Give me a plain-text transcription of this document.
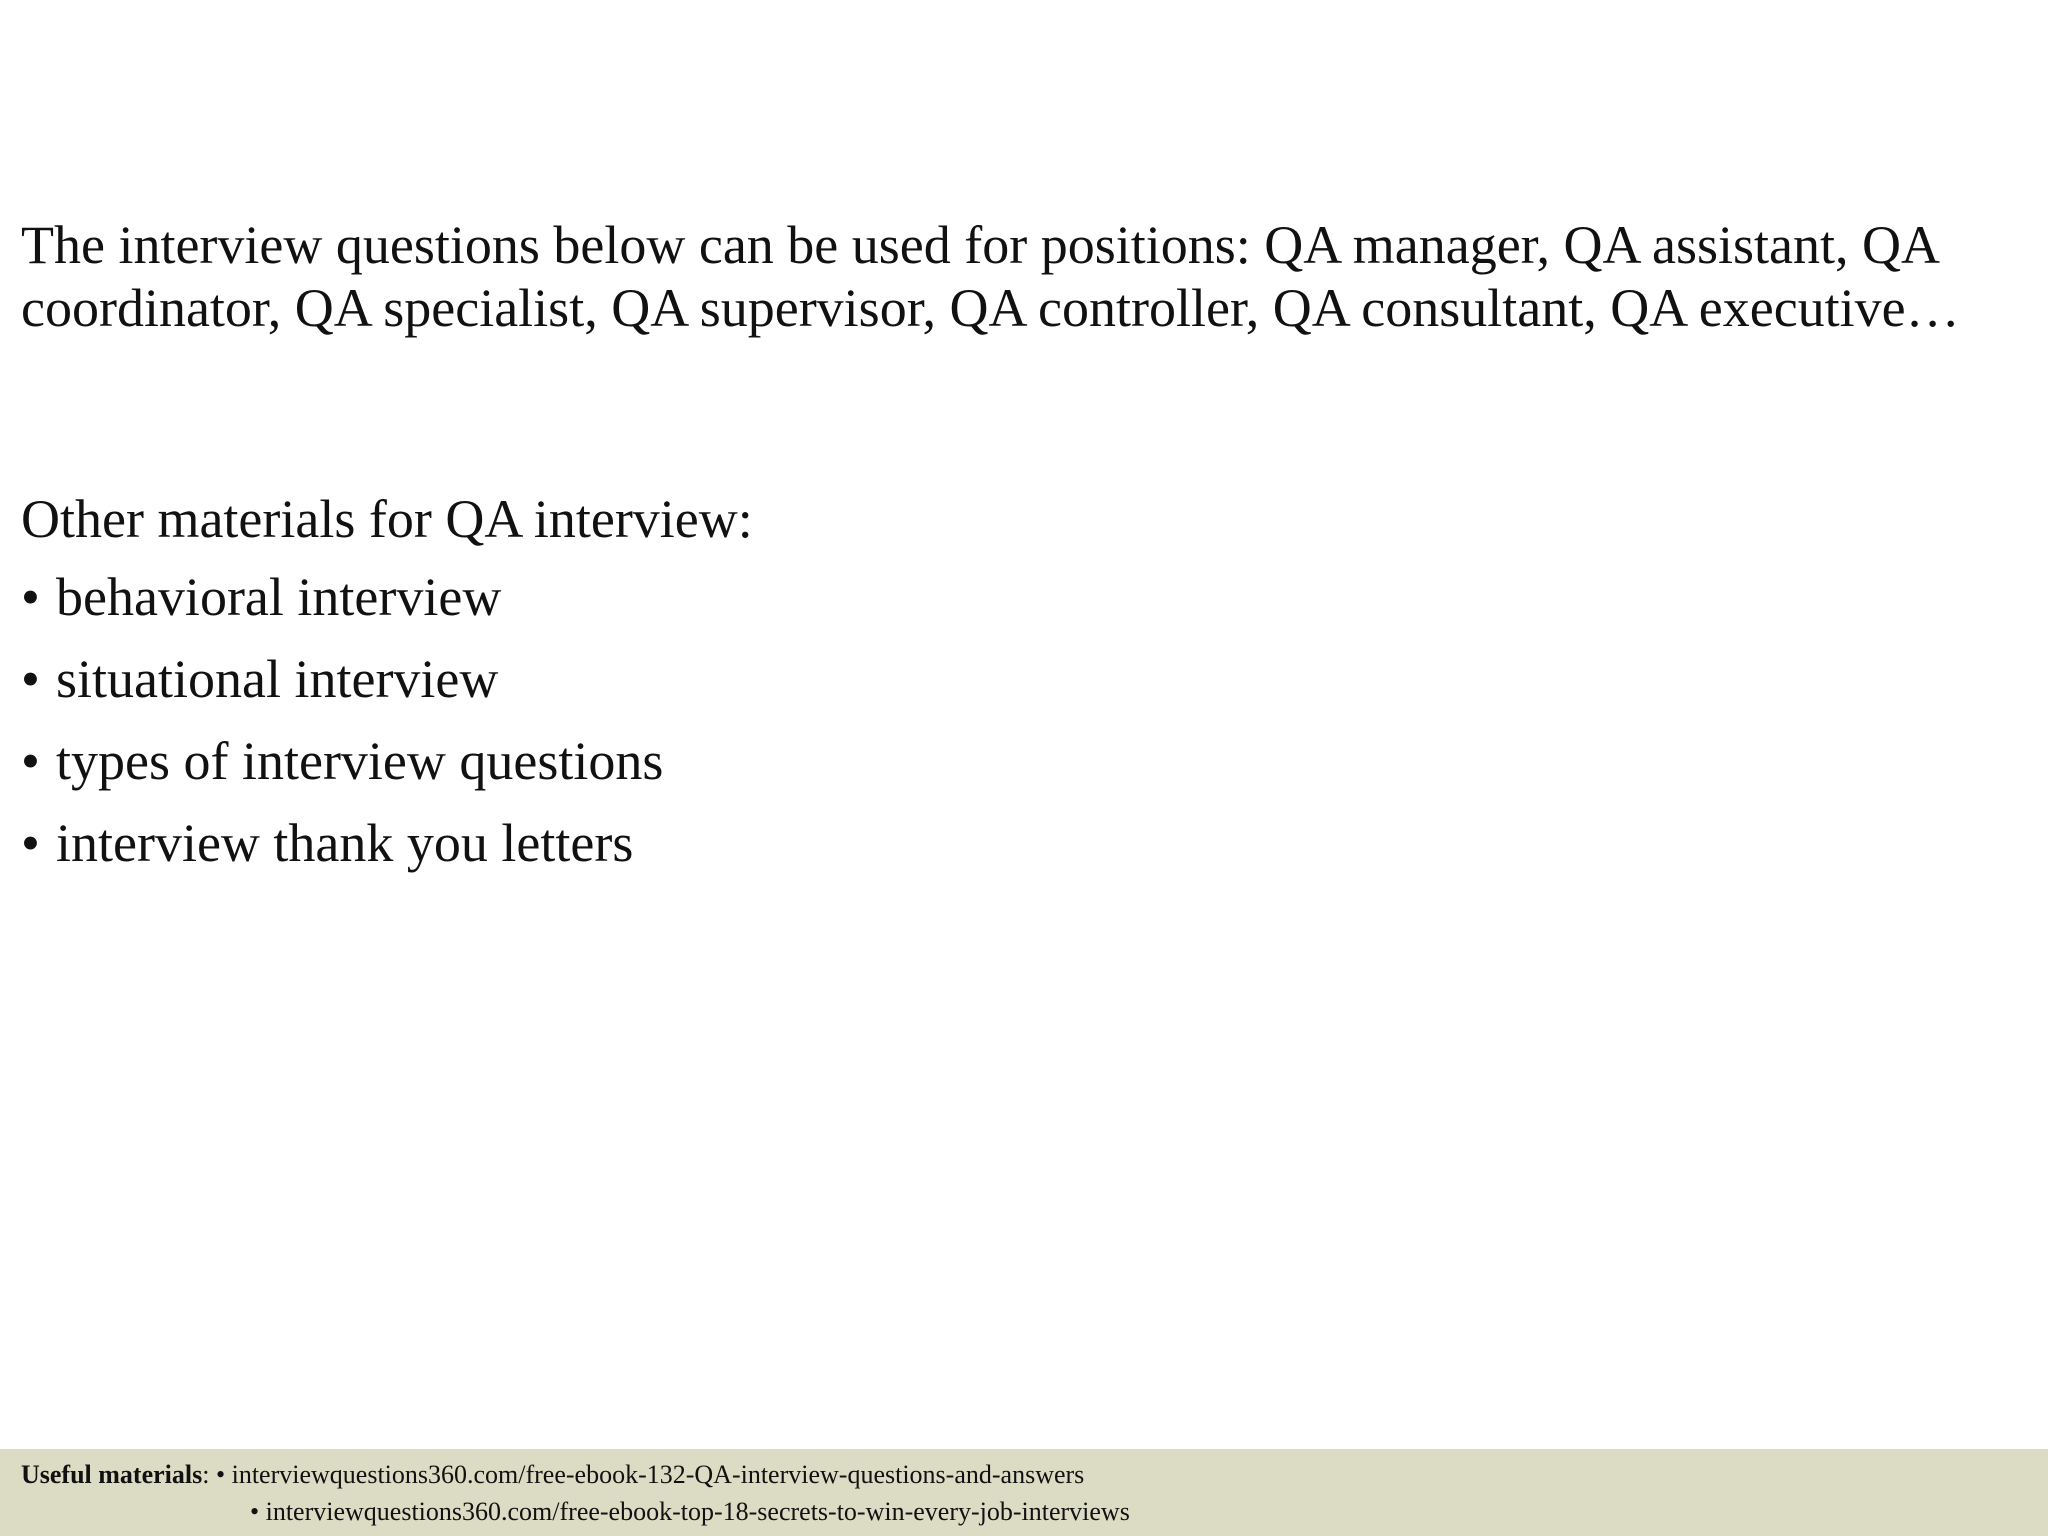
The interview questions below can be used for positions: QA manager, QA assistant, QA coordinator, QA specialist, QA supervisor, QA controller, QA consultant, QA executive…

Other materials for QA interview:

• behavioral interview
• situational interview
• types of interview questions
• interview thank you letters
Useful materials: • interviewquestions360.com/free-ebook-132-QA-interview-questions-and-answers
• interviewquestions360.com/free-ebook-top-18-secrets-to-win-every-job-interviews
